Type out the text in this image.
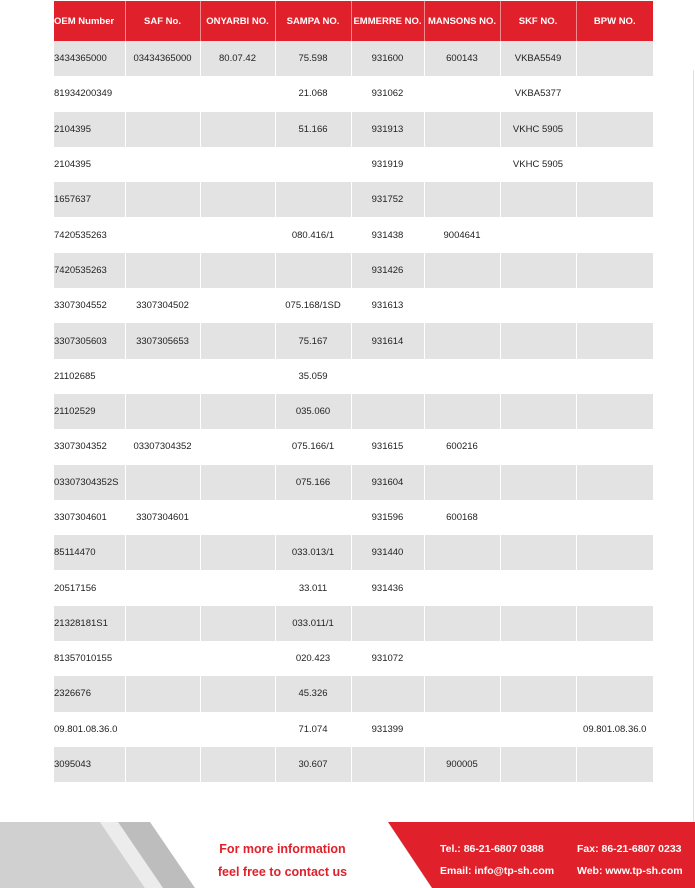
OEM Number	SAF No.	ONYARBI NO.	SAMPA NO.	EMMERRE NO.	MANSONS NO.	SKF NO.	BPW NO.
3434365000	03434365000	80.07.42	75.598	931600	600143	VKBA5549	
81934200349			21.068	931062		VKBA5377	
2104395			51.166	931913		VKHC 5905	
2104395				931919		VKHC 5905	
1657637				931752			
7420535263			080.416/1	931438	9004641		
7420535263				931426			
3307304552	3307304502		075.168/1SD	931613			
3307305603	3307305653		75.167	931614			
21102685			35.059				
21102529			035.060				
3307304352	03307304352		075.166/1	931615	600216		
03307304352S			075.166	931604			
3307304601	3307304601			931596	600168		
85114470			033.013/1	931440			
20517156			33.011	931436			
21328181S1			033.011/1				
81357010155			020.423	931072			
2326676			45.326				
09.801.08.36.0			71.074	931399			09.801.08.36.0
3095043			30.607		900005		
For more information
feel free to contact us
Tel.: 86-21-6807 0388	Fax: 86-21-6807 0233
Email: info@tp-sh.com Web: www.tp-sh.com
